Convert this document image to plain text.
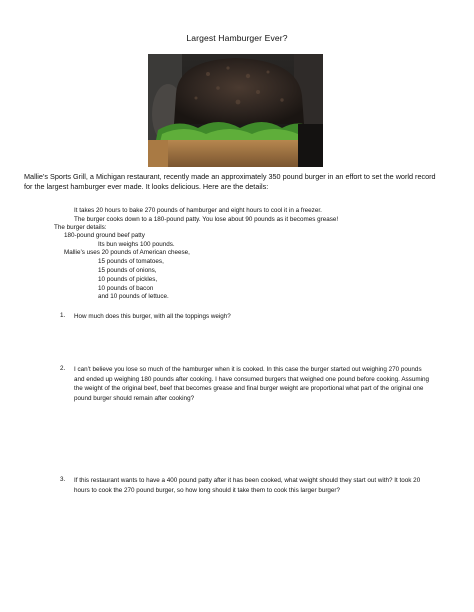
Largest Hamburger Ever?
Mallie’s Sports Grill, a Michigan restaurant, recently made an approximately 350 pound burger in an effort to set the world record for the largest hamburger ever made. It looks delicious. Here are the details:
It takes 20 hours to bake 270 pounds of hamburger and eight hours to cool it in a freezer.
The burger cooks down to a 180-pound patty. You lose about 90 pounds as it becomes grease!
The burger details:
180-pound ground beef patty
Its bun weighs 100 pounds.
Mallie’s uses 20 pounds of American cheese,
15 pounds of tomatoes,
15 pounds of onions,
10 pounds of pickles,
10 pounds of bacon
and 10 pounds of lettuce.
1. How much does this burger, with all the toppings weigh?
2. I can’t believe you lose so much of the hamburger when it is cooked. In this case the burger started out weighing 270 pounds and ended up weighing 180 pounds after cooking. I have consumed burgers that weighed one pound before cooking. Assuming the weight of the original beef, beef that becomes grease and final burger weight are proportional what part of the original one pound burger should remain after cooking?
3. If this restaurant wants to have a 400 pound patty after it has been cooked, what weight should they start out with? It took 20 hours to cook the 270 pound burger, so how long should it take them to cook this larger burger?
